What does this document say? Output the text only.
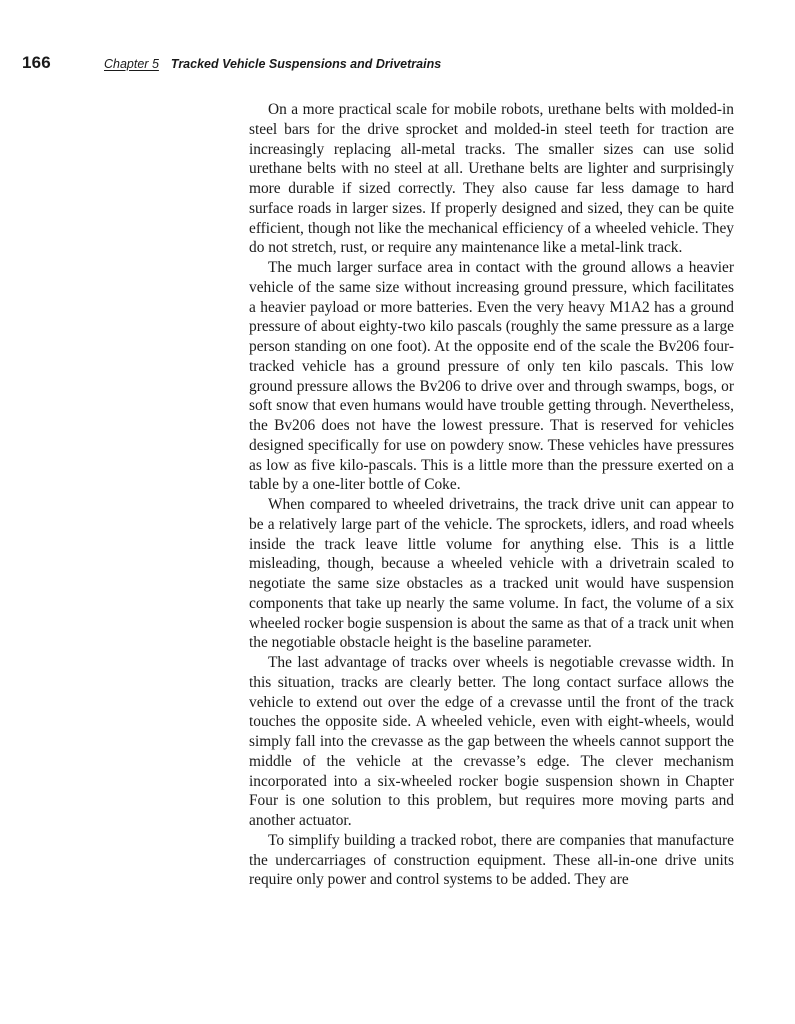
166	Chapter 5 Tracked Vehicle Suspensions and Drivetrains

On a more practical scale for mobile robots, urethane belts with molded-in steel bars for the drive sprocket and molded-in steel teeth for traction are increasingly replacing all-metal tracks. The smaller sizes can use solid urethane belts with no steel at all. Urethane belts are lighter and surprisingly more durable if sized correctly. They also cause far less damage to hard surface roads in larger sizes. If properly designed and sized, they can be quite efficient, though not like the mechanical efficiency of a wheeled vehicle. They do not stretch, rust, or require any maintenance like a metal-link track.

The much larger surface area in contact with the ground allows a heavier vehicle of the same size without increasing ground pressure, which facilitates a heavier payload or more batteries. Even the very heavy M1A2 has a ground pressure of about eighty-two kilo pascals (roughly the same pressure as a large person standing on one foot). At the opposite end of the scale the Bv206 four-tracked vehicle has a ground pressure of only ten kilo pascals. This low ground pressure allows the Bv206 to drive over and through swamps, bogs, or soft snow that even humans would have trouble getting through. Nevertheless, the Bv206 does not have the lowest pressure. That is reserved for vehicles designed specifically for use on powdery snow. These vehicles have pressures as low as five kilo-pascals. This is a little more than the pressure exerted on a table by a one-liter bottle of Coke.

When compared to wheeled drivetrains, the track drive unit can appear to be a relatively large part of the vehicle. The sprockets, idlers, and road wheels inside the track leave little volume for anything else. This is a little misleading, though, because a wheeled vehicle with a drivetrain scaled to negotiate the same size obstacles as a tracked unit would have suspension components that take up nearly the same volume. In fact, the volume of a six wheeled rocker bogie suspension is about the same as that of a track unit when the negotiable obstacle height is the baseline parameter.

The last advantage of tracks over wheels is negotiable crevasse width. In this situation, tracks are clearly better. The long contact surface allows the vehicle to extend out over the edge of a crevasse until the front of the track touches the opposite side. A wheeled vehicle, even with eight-wheels, would simply fall into the crevasse as the gap between the wheels cannot support the middle of the vehicle at the crevasse’s edge. The clever mechanism incorporated into a six-wheeled rocker bogie suspension shown in Chapter Four is one solution to this problem, but requires more moving parts and another actuator.

To simplify building a tracked robot, there are companies that manufacture the undercarriages of construction equipment. These all-in-one drive units require only power and control systems to be added. They are
